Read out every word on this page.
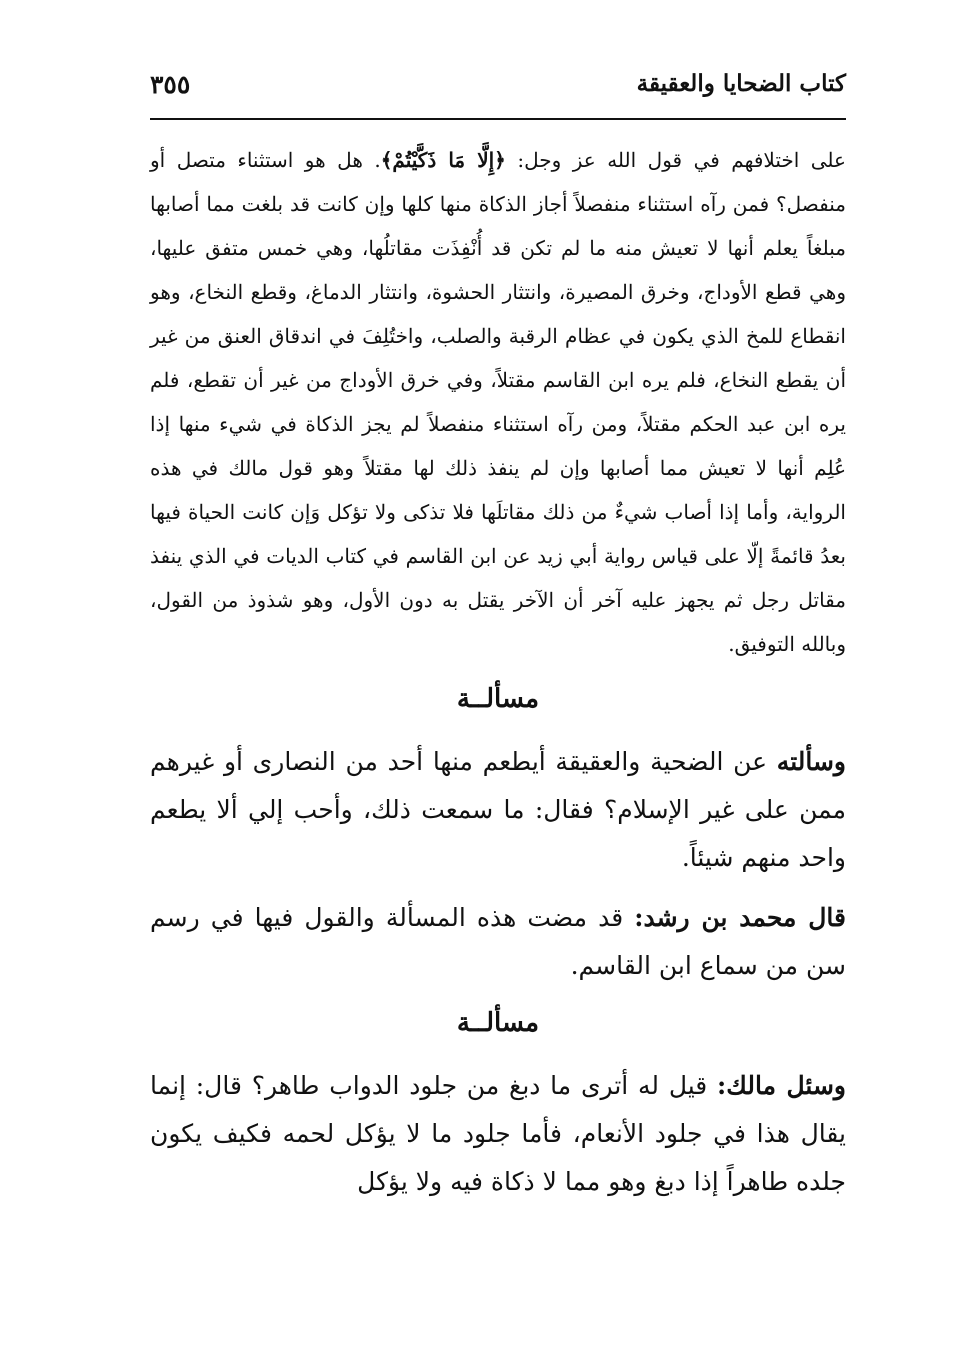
كتاب الضحايا والعقيقة
٣٥٥

على اختلافهم في قول الله عز وجل: ﴿إِلَّا مَا ذَكَّيْتُمْ﴾. هل هو استثناء متصل أو منفصل؟ فمن رآه استثناء منفصلاً أجاز الذكاة منها كلها وإن كانت قد بلغت مما أصابها مبلغاً يعلم أنها لا تعيش منه ما لم تكن قد أُنْفِذَت مقاتلُها، وهي خمس متفق عليها، وهي قطع الأوداج، وخرق المصيرة، وانتثار الحشوة، وانتثار الدماغ، وقطع النخاع، وهو انقطاع للمخ الذي يكون في عظام الرقبة والصلب، واختُلِفَ في اندقاق العنق من غير أن يقطع النخاع، فلم يره ابن القاسم مقتلاً، وفي خرق الأوداج من غير أن تقطع، فلم يره ابن عبد الحكم مقتلاً، ومن رآه استثناء منفصلاً لم يجز الذكاة في شيء منها إذا عُلِم أنها لا تعيش مما أصابها وإن لم ينفذ ذلك لها مقتلاً وهو قول مالك في هذه الرواية، وأما إذا أصاب شيءٌ من ذلك مقاتلَها فلا تذكى ولا تؤكل وَإن كانت الحياة فيها بعدُ قائمةً إلّا على قياس رواية أبي زيد عن ابن القاسم في كتاب الديات في الذي ينفذ مقاتل رجل ثم يجهز عليه آخر أن الآخر يقتل به دون الأول، وهو شذوذ من القول، وبالله التوفيق.

مسألــة

وسألته عن الضحية والعقيقة أيطعم منها أحد من النصارى أو غيرهم ممن على غير الإسلام؟ فقال: ما سمعت ذلك، وأحب إلي ألا يطعم واحد منهم شيئاً.

قال محمد بن رشد: قد مضت هذه المسألة والقول فيها في رسم سن من سماع ابن القاسم.

مسألــة

وسئل مالك: قيل له أترى ما دبغ من جلود الدواب طاهر؟ قال: إنما يقال هذا في جلود الأنعام، فأما جلود ما لا يؤكل لحمه فكيف يكون جلده طاهراً إذا دبغ وهو مما لا ذكاة فيه ولا يؤكل
